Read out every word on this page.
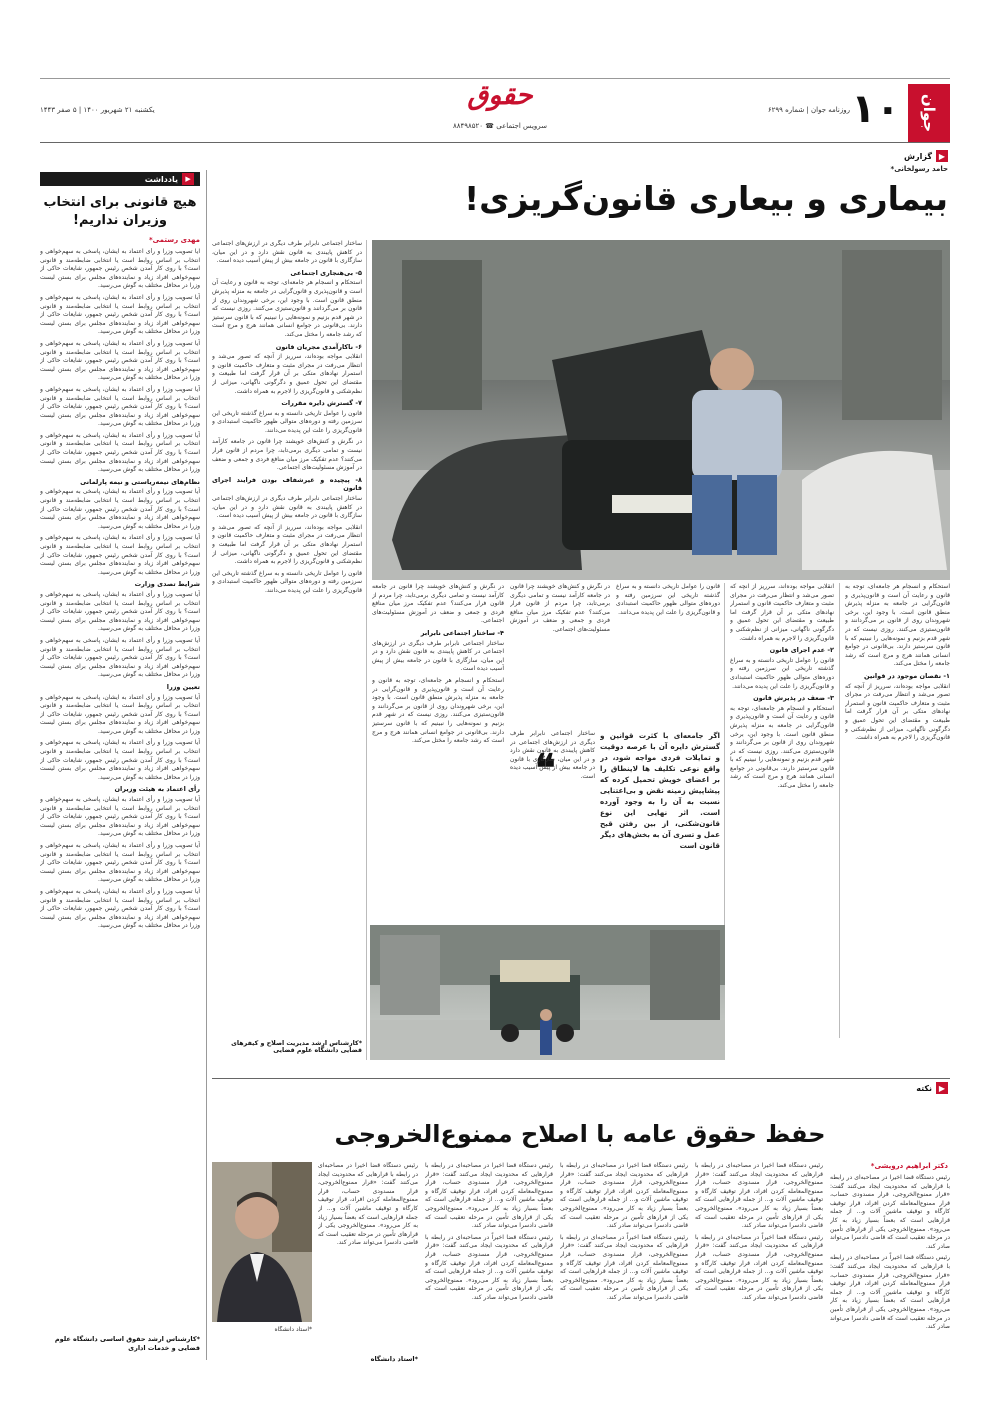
جوان
۱۰
روزنامه جوان | شماره ۶۲۹۹
حقوق
سرویس اجتماعی ☎ ۸۸۴۹۸۵۲۰
یکشنبه ۲۱ شهریور ۱۴۰۰ | ۵ صفر ۱۴۴۳
▶
گزارش
حامد رسولخانی*
بیماری و بیعاری قانون‌گریزی!

استحکام و انسجام هر جامعه‌ای، توجه به قانون و رعایت آن است و قانون‌پذیری و قانون‌گرایی در جامعه به منزله پذیرش منطق قانون است. با وجود این، برخی شهروندان روی از قانون بر می‌گردانند و قانون‌ستیزی می‌کنند. روزی نیست که در شهر قدم بزنیم و نمونه‌هایی را نبینیم که با قانون سرستیز دارند. بی‌قانونی در جوامع انسانی همانند هرج و مرج است که رشد جامعه را مختل می‌کند.

۱- نقصان موجود در قوانین

انقلابی مواجه بوده‌اند، سرریز از آنچه که تصور می‌شد و انتظار می‌رفت در مجرای مثبت و متعارف حاکمیت قانون و استمرار نهادهای متکی بر آن قرار گرفت اما طبیعت و مقتضای این تحول عمیق و دگرگونی ناگهانی، میزانی از نظم‌شکنی و قانون‌گریزی را لاجرم به همراه داشت.

انقلابی مواجه بوده‌اند، سرریز از آنچه که تصور می‌شد و انتظار می‌رفت در مجرای مثبت و متعارف حاکمیت قانون و استمرار نهادهای متکی بر آن قرار گرفت اما طبیعت و مقتضای این تحول عمیق و دگرگونی ناگهانی، میزانی از نظم‌شکنی و قانون‌گریزی را لاجرم به همراه داشت.

۲- عدم اجرای قانون

قانون را عوامل تاریخی دانسته و به سراغ گذشته تاریخی این سرزمین رفته و دوره‌های متوالی ظهور حاکمیت استبدادی و قانون‌گریزی را علت این پدیده می‌دانند.

۳- ضعف در پذیرش قانون

استحکام و انسجام هر جامعه‌ای، توجه به قانون و رعایت آن است و قانون‌پذیری و قانون‌گرایی در جامعه به منزله پذیرش منطق قانون است. با وجود این، برخی شهروندان روی از قانون بر می‌گردانند و قانون‌ستیزی می‌کنند. روزی نیست که در شهر قدم بزنیم و نمونه‌هایی را نبینیم که با قانون سرستیز دارند. بی‌قانونی در جوامع انسانی همانند هرج و مرج است که رشد جامعه را مختل می‌کند.

قانون را عوامل تاریخی دانسته و به سراغ گذشته تاریخی این سرزمین رفته و دوره‌های متوالی ظهور حاکمیت استبدادی و قانون‌گریزی را علت این پدیده می‌دانند.

در نگرش و کنش‌های خویشند چرا قانون در جامعه کارآمد نیست و تمامی دیگری برمی‌تابد، چرا مردم از قانون فرار می‌کنند؟ عدم تفکیک مرز میان منافع فردی و جمعی و ضعف در آموزش مسئولیت‌های اجتماعی.

❝
اگر جامعه‌ای با کثرت قوانین و گسترش دایره آن با عرصه دوقیت و تمایلات فردی مواجه شود، در واقع نوعی تکلیف ها لاینطاق را بر اعضای خویش تحمیل کرده که پیشاپیش زمینه نقض و بی‌اعتنایی نسبت به آن را به وجود آورده است. اثر نهایی این نوع قانون‌شکنی، از بین رفتن قبح عمل و تسری آن به بخش‌های دیگر قانون است

ساختار اجتماعی نابرابر طرف دیگری در ارزش‌های اجتماعی در کاهش پایبندی به قانون نقش دارد و در این میان، سازگاری با قانون در جامعه بیش از پیش آسیب دیده است.

در نگرش و کنش‌های خویشند چرا قانون در جامعه کارآمد نیست و تمامی دیگری برمی‌تابد، چرا مردم از قانون فرار می‌کنند؟ عدم تفکیک مرز میان منافع فردی و جمعی و ضعف در آموزش مسئولیت‌های اجتماعی.

۴- ساختار اجتماعی نابرابر

ساختار اجتماعی نابرابر طرف دیگری در ارزش‌های اجتماعی در کاهش پایبندی به قانون نقش دارد و در این میان، سازگاری با قانون در جامعه بیش از پیش آسیب دیده است.

استحکام و انسجام هر جامعه‌ای، توجه به قانون و رعایت آن است و قانون‌پذیری و قانون‌گرایی در جامعه به منزله پذیرش منطق قانون است. با وجود این، برخی شهروندان روی از قانون بر می‌گردانند و قانون‌ستیزی می‌کنند. روزی نیست که در شهر قدم بزنیم و نمونه‌هایی را نبینیم که با قانون سرستیز دارند. بی‌قانونی در جوامع انسانی همانند هرج و مرج است که رشد جامعه را مختل می‌کند.

ساختار اجتماعی نابرابر طرف دیگری در ارزش‌های اجتماعی در کاهش پایبندی به قانون نقش دارد و در این میان، سازگاری با قانون در جامعه بیش از پیش آسیب دیده است.

۵- بی‌هنجاری اجتماعی

استحکام و انسجام هر جامعه‌ای، توجه به قانون و رعایت آن است و قانون‌پذیری و قانون‌گرایی در جامعه به منزله پذیرش منطق قانون است. با وجود این، برخی شهروندان روی از قانون بر می‌گردانند و قانون‌ستیزی می‌کنند. روزی نیست که در شهر قدم بزنیم و نمونه‌هایی را نبینیم که با قانون سرستیز دارند. بی‌قانونی در جوامع انسانی همانند هرج و مرج است که رشد جامعه را مختل می‌کند.

۶- ناکارآمدی مجریان قانون

انقلابی مواجه بوده‌اند، سرریز از آنچه که تصور می‌شد و انتظار می‌رفت در مجرای مثبت و متعارف حاکمیت قانون و استمرار نهادهای متکی بر آن قرار گرفت اما طبیعت و مقتضای این تحول عمیق و دگرگونی ناگهانی، میزانی از نظم‌شکنی و قانون‌گریزی را لاجرم به همراه داشت.

۷- گسترش دایره مقررات

قانون را عوامل تاریخی دانسته و به سراغ گذشته تاریخی این سرزمین رفته و دوره‌های متوالی ظهور حاکمیت استبدادی و قانون‌گریزی را علت این پدیده می‌دانند.

در نگرش و کنش‌های خویشند چرا قانون در جامعه کارآمد نیست و تمامی دیگری برمی‌تابد، چرا مردم از قانون فرار می‌کنند؟ عدم تفکیک مرز میان منافع فردی و جمعی و ضعف در آموزش مسئولیت‌های اجتماعی.

۸- پیچیده و غیرشفاف بودن فرایند اجرای قانون

ساختار اجتماعی نابرابر طرف دیگری در ارزش‌های اجتماعی در کاهش پایبندی به قانون نقش دارد و در این میان، سازگاری با قانون در جامعه بیش از پیش آسیب دیده است.

انقلابی مواجه بوده‌اند، سرریز از آنچه که تصور می‌شد و انتظار می‌رفت در مجرای مثبت و متعارف حاکمیت قانون و استمرار نهادهای متکی بر آن قرار گرفت اما طبیعت و مقتضای این تحول عمیق و دگرگونی ناگهانی، میزانی از نظم‌شکنی و قانون‌گریزی را لاجرم به همراه داشت.

قانون را عوامل تاریخی دانسته و به سراغ گذشته تاریخی این سرزمین رفته و دوره‌های متوالی ظهور حاکمیت استبدادی و قانون‌گریزی را علت این پدیده می‌دانند.

*کارشناس ارشد مدیریت اصلاح و کیفرهای قضایی دانشگاه علوم قضایی
▶
یادداشت
هیچ قانونی برای انتخاب وزیران نداریم!
مهدی رستمی*

آیا تصویب وزرا و رأی اعتماد به ایشان، پاسخی به سهم‌خواهی و انتخاب بر اساس روابط است یا انتخابی ضابطه‌مند و قانونی است؟ با روی کار آمدن شخص رئیس جمهور، شایعات حاکی از سهم‌خواهی افراد زیاد و نماینده‌های مجلس برای بستن لیست وزرا در محافل مختلف به گوش می‌رسید.

آیا تصویب وزرا و رأی اعتماد به ایشان، پاسخی به سهم‌خواهی و انتخاب بر اساس روابط است یا انتخابی ضابطه‌مند و قانونی است؟ با روی کار آمدن شخص رئیس جمهور، شایعات حاکی از سهم‌خواهی افراد زیاد و نماینده‌های مجلس برای بستن لیست وزرا در محافل مختلف به گوش می‌رسید.

آیا تصویب وزرا و رأی اعتماد به ایشان، پاسخی به سهم‌خواهی و انتخاب بر اساس روابط است یا انتخابی ضابطه‌مند و قانونی است؟ با روی کار آمدن شخص رئیس جمهور، شایعات حاکی از سهم‌خواهی افراد زیاد و نماینده‌های مجلس برای بستن لیست وزرا در محافل مختلف به گوش می‌رسید.

آیا تصویب وزرا و رأی اعتماد به ایشان، پاسخی به سهم‌خواهی و انتخاب بر اساس روابط است یا انتخابی ضابطه‌مند و قانونی است؟ با روی کار آمدن شخص رئیس جمهور، شایعات حاکی از سهم‌خواهی افراد زیاد و نماینده‌های مجلس برای بستن لیست وزرا در محافل مختلف به گوش می‌رسید.

آیا تصویب وزرا و رأی اعتماد به ایشان، پاسخی به سهم‌خواهی و انتخاب بر اساس روابط است یا انتخابی ضابطه‌مند و قانونی است؟ با روی کار آمدن شخص رئیس جمهور، شایعات حاکی از سهم‌خواهی افراد زیاد و نماینده‌های مجلس برای بستن لیست وزرا در محافل مختلف به گوش می‌رسید.

نظام‌های نیمه‌ریاستی و نیمه پارلمانی

آیا تصویب وزرا و رأی اعتماد به ایشان، پاسخی به سهم‌خواهی و انتخاب بر اساس روابط است یا انتخابی ضابطه‌مند و قانونی است؟ با روی کار آمدن شخص رئیس جمهور، شایعات حاکی از سهم‌خواهی افراد زیاد و نماینده‌های مجلس برای بستن لیست وزرا در محافل مختلف به گوش می‌رسید.

آیا تصویب وزرا و رأی اعتماد به ایشان، پاسخی به سهم‌خواهی و انتخاب بر اساس روابط است یا انتخابی ضابطه‌مند و قانونی است؟ با روی کار آمدن شخص رئیس جمهور، شایعات حاکی از سهم‌خواهی افراد زیاد و نماینده‌های مجلس برای بستن لیست وزرا در محافل مختلف به گوش می‌رسید.

شرایط تصدی وزارت

آیا تصویب وزرا و رأی اعتماد به ایشان، پاسخی به سهم‌خواهی و انتخاب بر اساس روابط است یا انتخابی ضابطه‌مند و قانونی است؟ با روی کار آمدن شخص رئیس جمهور، شایعات حاکی از سهم‌خواهی افراد زیاد و نماینده‌های مجلس برای بستن لیست وزرا در محافل مختلف به گوش می‌رسید.

آیا تصویب وزرا و رأی اعتماد به ایشان، پاسخی به سهم‌خواهی و انتخاب بر اساس روابط است یا انتخابی ضابطه‌مند و قانونی است؟ با روی کار آمدن شخص رئیس جمهور، شایعات حاکی از سهم‌خواهی افراد زیاد و نماینده‌های مجلس برای بستن لیست وزرا در محافل مختلف به گوش می‌رسید.

تعیین وزرا

آیا تصویب وزرا و رأی اعتماد به ایشان، پاسخی به سهم‌خواهی و انتخاب بر اساس روابط است یا انتخابی ضابطه‌مند و قانونی است؟ با روی کار آمدن شخص رئیس جمهور، شایعات حاکی از سهم‌خواهی افراد زیاد و نماینده‌های مجلس برای بستن لیست وزرا در محافل مختلف به گوش می‌رسید.

آیا تصویب وزرا و رأی اعتماد به ایشان، پاسخی به سهم‌خواهی و انتخاب بر اساس روابط است یا انتخابی ضابطه‌مند و قانونی است؟ با روی کار آمدن شخص رئیس جمهور، شایعات حاکی از سهم‌خواهی افراد زیاد و نماینده‌های مجلس برای بستن لیست وزرا در محافل مختلف به گوش می‌رسید.

رأی اعتماد به هیئت وزیران

آیا تصویب وزرا و رأی اعتماد به ایشان، پاسخی به سهم‌خواهی و انتخاب بر اساس روابط است یا انتخابی ضابطه‌مند و قانونی است؟ با روی کار آمدن شخص رئیس جمهور، شایعات حاکی از سهم‌خواهی افراد زیاد و نماینده‌های مجلس برای بستن لیست وزرا در محافل مختلف به گوش می‌رسید.

آیا تصویب وزرا و رأی اعتماد به ایشان، پاسخی به سهم‌خواهی و انتخاب بر اساس روابط است یا انتخابی ضابطه‌مند و قانونی است؟ با روی کار آمدن شخص رئیس جمهور، شایعات حاکی از سهم‌خواهی افراد زیاد و نماینده‌های مجلس برای بستن لیست وزرا در محافل مختلف به گوش می‌رسید.

آیا تصویب وزرا و رأی اعتماد به ایشان، پاسخی به سهم‌خواهی و انتخاب بر اساس روابط است یا انتخابی ضابطه‌مند و قانونی است؟ با روی کار آمدن شخص رئیس جمهور، شایعات حاکی از سهم‌خواهی افراد زیاد و نماینده‌های مجلس برای بستن لیست وزرا در محافل مختلف به گوش می‌رسید.

*کارشناس ارشد حقوق اساسی دانشگاه علوم قضایی و خدمات اداری
▶
نکته
حفظ حقوق عامه با اصلاح ممنوع‌الخروجی
دکتر ابراهیم درویشی*

رئیس دستگاه قضا اخیراً در مصاحبه‌ای در رابطه با قرارهایی که محدودیت ایجاد می‌کنند گفت: «قرار ممنوع‌الخروجی، قرار مسدودی حساب، قرار ممنوع‌المعامله کردن افراد، قرار توقیف کارگاه و توقیف ماشین آلات و... از جمله قرارهایی است که بعضاً بسیار زیاد به کار می‌رود». ممنوع‌الخروجی یکی از قرارهای تأمین در مرحله تعقیب است که قاضی دادسرا می‌تواند صادر کند.

رئیس دستگاه قضا اخیراً در مصاحبه‌ای در رابطه با قرارهایی که محدودیت ایجاد می‌کنند گفت: «قرار ممنوع‌الخروجی، قرار مسدودی حساب، قرار ممنوع‌المعامله کردن افراد، قرار توقیف کارگاه و توقیف ماشین آلات و... از جمله قرارهایی است که بعضاً بسیار زیاد به کار می‌رود». ممنوع‌الخروجی یکی از قرارهای تأمین در مرحله تعقیب است که قاضی دادسرا می‌تواند صادر کند.

رئیس دستگاه قضا اخیراً در مصاحبه‌ای در رابطه با قرارهایی که محدودیت ایجاد می‌کنند گفت: «قرار ممنوع‌الخروجی، قرار مسدودی حساب، قرار ممنوع‌المعامله کردن افراد، قرار توقیف کارگاه و توقیف ماشین آلات و... از جمله قرارهایی است که بعضاً بسیار زیاد به کار می‌رود». ممنوع‌الخروجی یکی از قرارهای تأمین در مرحله تعقیب است که قاضی دادسرا می‌تواند صادر کند.

رئیس دستگاه قضا اخیراً در مصاحبه‌ای در رابطه با قرارهایی که محدودیت ایجاد می‌کنند گفت: «قرار ممنوع‌الخروجی، قرار مسدودی حساب، قرار ممنوع‌المعامله کردن افراد، قرار توقیف کارگاه و توقیف ماشین آلات و... از جمله قرارهایی است که بعضاً بسیار زیاد به کار می‌رود». ممنوع‌الخروجی یکی از قرارهای تأمین در مرحله تعقیب است که قاضی دادسرا می‌تواند صادر کند.

رئیس دستگاه قضا اخیراً در مصاحبه‌ای در رابطه با قرارهایی که محدودیت ایجاد می‌کنند گفت: «قرار ممنوع‌الخروجی، قرار مسدودی حساب، قرار ممنوع‌المعامله کردن افراد، قرار توقیف کارگاه و توقیف ماشین آلات و... از جمله قرارهایی است که بعضاً بسیار زیاد به کار می‌رود». ممنوع‌الخروجی یکی از قرارهای تأمین در مرحله تعقیب است که قاضی دادسرا می‌تواند صادر کند.

رئیس دستگاه قضا اخیراً در مصاحبه‌ای در رابطه با قرارهایی که محدودیت ایجاد می‌کنند گفت: «قرار ممنوع‌الخروجی، قرار مسدودی حساب، قرار ممنوع‌المعامله کردن افراد، قرار توقیف کارگاه و توقیف ماشین آلات و... از جمله قرارهایی است که بعضاً بسیار زیاد به کار می‌رود». ممنوع‌الخروجی یکی از قرارهای تأمین در مرحله تعقیب است که قاضی دادسرا می‌تواند صادر کند.

رئیس دستگاه قضا اخیراً در مصاحبه‌ای در رابطه با قرارهایی که محدودیت ایجاد می‌کنند گفت: «قرار ممنوع‌الخروجی، قرار مسدودی حساب، قرار ممنوع‌المعامله کردن افراد، قرار توقیف کارگاه و توقیف ماشین آلات و... از جمله قرارهایی است که بعضاً بسیار زیاد به کار می‌رود». ممنوع‌الخروجی یکی از قرارهای تأمین در مرحله تعقیب است که قاضی دادسرا می‌تواند صادر کند.

رئیس دستگاه قضا اخیراً در مصاحبه‌ای در رابطه با قرارهایی که محدودیت ایجاد می‌کنند گفت: «قرار ممنوع‌الخروجی، قرار مسدودی حساب، قرار ممنوع‌المعامله کردن افراد، قرار توقیف کارگاه و توقیف ماشین آلات و... از جمله قرارهایی است که بعضاً بسیار زیاد به کار می‌رود». ممنوع‌الخروجی یکی از قرارهای تأمین در مرحله تعقیب است که قاضی دادسرا می‌تواند صادر کند.

رئیس دستگاه قضا اخیراً در مصاحبه‌ای در رابطه با قرارهایی که محدودیت ایجاد می‌کنند گفت: «قرار ممنوع‌الخروجی، قرار مسدودی حساب، قرار ممنوع‌المعامله کردن افراد، قرار توقیف کارگاه و توقیف ماشین آلات و... از جمله قرارهایی است که بعضاً بسیار زیاد به کار می‌رود». ممنوع‌الخروجی یکی از قرارهای تأمین در مرحله تعقیب است که قاضی دادسرا می‌تواند صادر کند.

*استاد دانشگاه

*استاد دانشگاه
